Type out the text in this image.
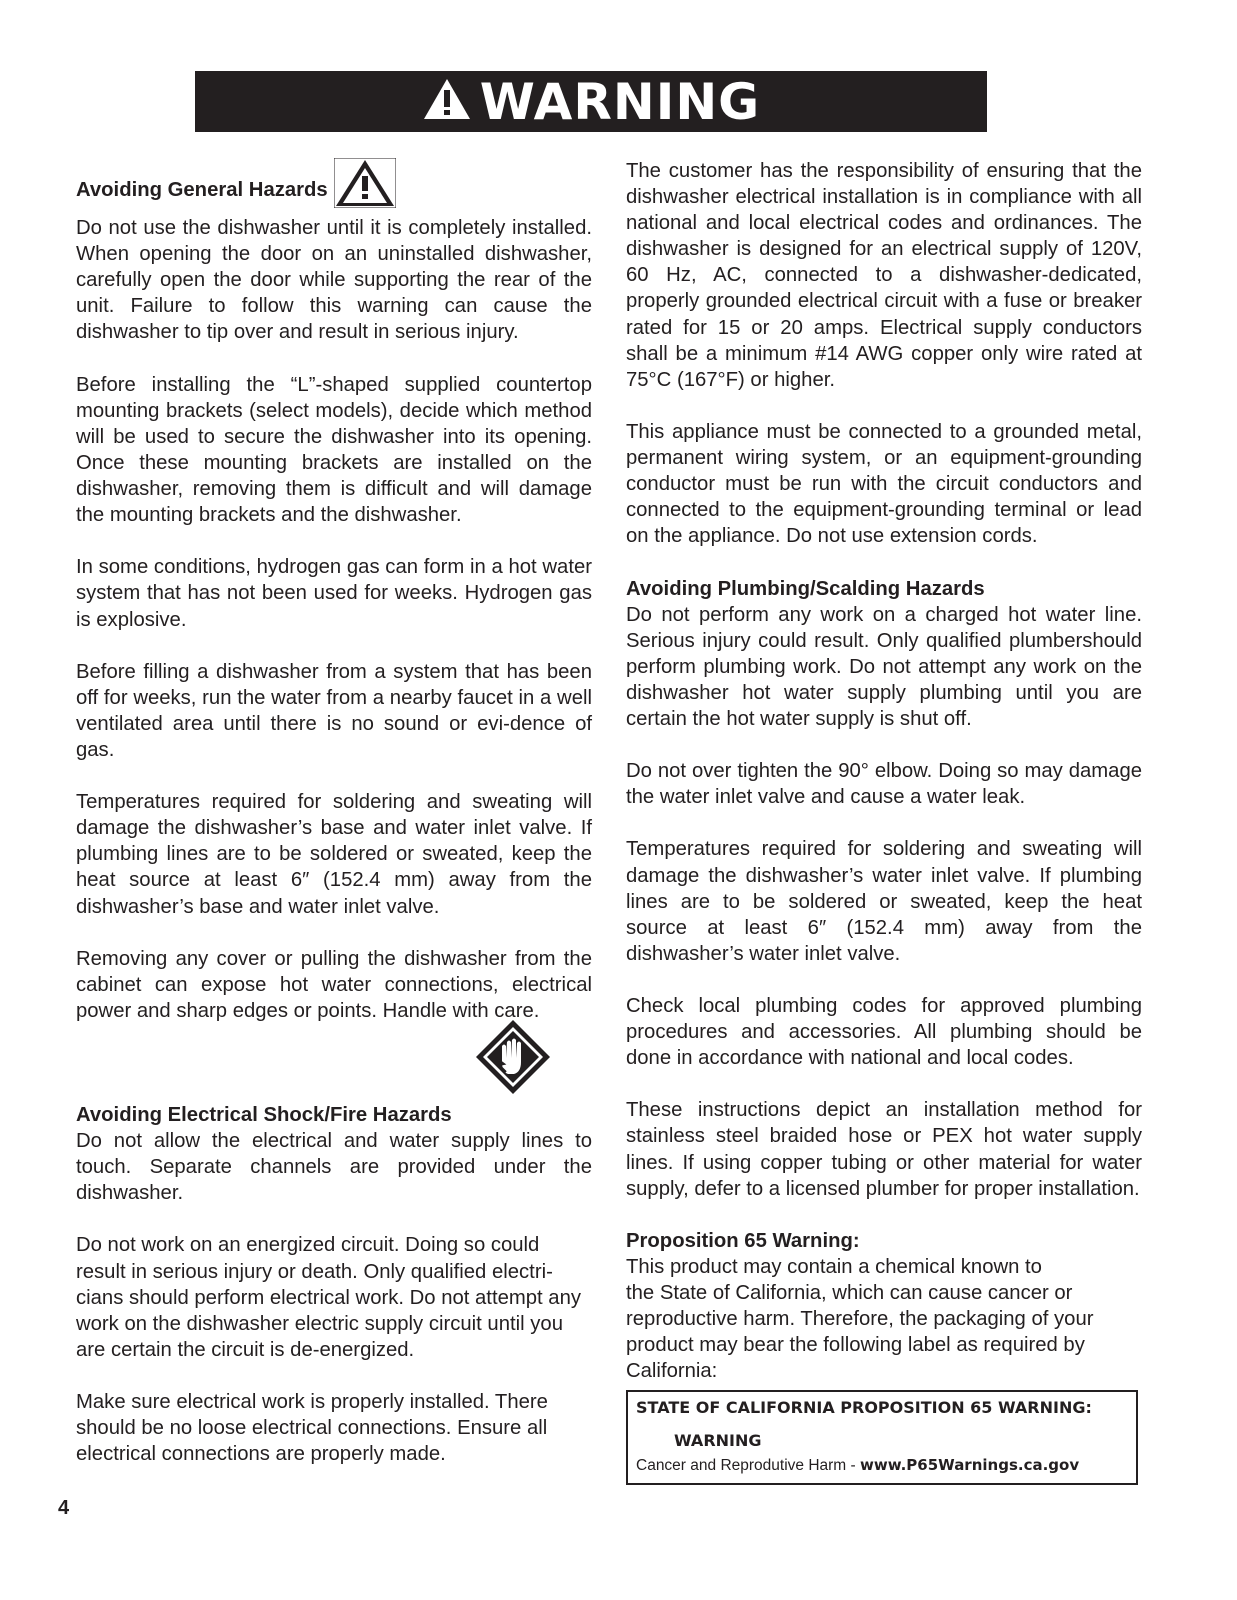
WARNING
Avoiding General Hazards

Do not use the dishwasher until it is completely installed. When opening the door on an uninstalled dishwasher, carefully open the door while supporting the rear of the unit. Failure to follow this warning can cause the dishwasher to tip over and result in serious injury.

Before installing the “L”-shaped supplied countertop mounting brackets (select models), decide which method will be used to secure the dishwasher into its opening. Once these mounting brackets are installed on the dishwasher, removing them is difficult and will damage the mounting brackets and the dishwasher.

In some conditions, hydrogen gas can form in a hot water system that has not been used for weeks. Hydrogen gas is explosive.

Before filling a dishwasher from a system that has been off for weeks, run the water from a nearby faucet in a well ventilated area until there is no sound or evi-dence of gas.

Temperatures required for soldering and sweating will damage the dishwasher’s base and water inlet valve. If plumbing lines are to be soldered or sweated, keep the heat source at least 6″ (152.4 mm) away from the dishwasher’s base and water inlet valve.

Removing any cover or pulling the dishwasher from the cabinet can expose hot water connections, electrical power and sharp edges or points. Handle with care.

Avoiding Electrical Shock/Fire Hazards

Do not allow the electrical and water supply lines to touch. Separate channels are provided under the dishwasher.

Do not work on an energized circuit. Doing so could result in serious injury or death. Only qualified electri-cians should perform electrical work. Do not attempt any work on the dishwasher electric supply circuit until you are certain the circuit is de-energized.

Make sure electrical work is properly installed. There should be no loose electrical connections. Ensure all electrical connections are properly made.

The customer has the responsibility of ensuring that the dishwasher electrical installation is in compliance with all national and local electrical codes and ordinances. The dishwasher is designed for an electrical supply of 120V, 60 Hz, AC, connected to a dishwasher-dedicated, properly grounded electrical circuit with a fuse or breaker rated for 15 or 20 amps. Electrical supply conductors shall be a minimum #14 AWG copper only wire rated at 75°C (167°F) or higher.

This appliance must be connected to a grounded metal, permanent wiring system, or an equipment-grounding conductor must be run with the circuit conductors and connected to the equipment-grounding terminal or lead on the appliance. Do not use extension cords.

Avoiding Plumbing/Scalding Hazards

Do not perform any work on a charged hot water line. Serious injury could result. Only qualified plumbershould perform plumbing work. Do not attempt any work on the dishwasher hot water supply plumbing until you are certain the hot water supply is shut off.

Do not over tighten the 90° elbow. Doing so may damage the water inlet valve and cause a water leak.

Temperatures required for soldering and sweating will damage the dishwasher’s water inlet valve. If plumbing lines are to be soldered or sweated, keep the heat source at least 6″ (152.4 mm) away from the dishwasher’s water inlet valve.

Check local plumbing codes for approved plumbing procedures and accessories. All plumbing should be done in accordance with national and local codes.

These instructions depict an installation method for stainless steel braided hose or PEX hot water supply lines. If using copper tubing or other material for water supply, defer to a licensed plumber for proper installation.

Proposition 65 Warning:
This product may contain a chemical known to
the State of California, which can cause cancer or
reproductive harm. Therefore, the packaging of your
product may bear the following label as required by
California:
STATE OF CALIFORNIA PROPOSITION 65 WARNING:
WARNING
Cancer and Reprodutive Harm - www.P65Warnings.ca.gov
4
